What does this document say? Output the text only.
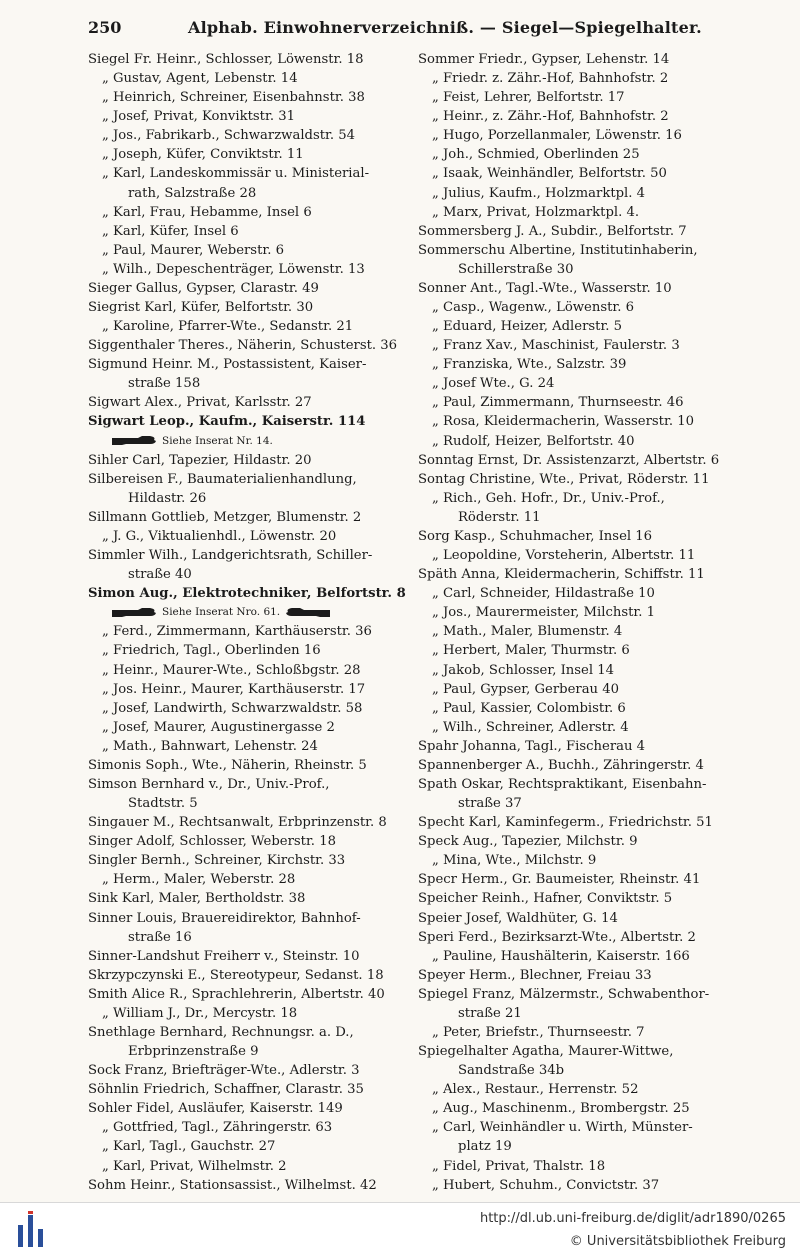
250	Alphab. Einwohnerverzeichniß. — Siegel—Spiegelhalter.
Siegel Fr. Heinr., Schlosser, Löwenstr. 18
„ Gustav, Agent, Lebenstr. 14
„ Heinrich, Schreiner, Eisenbahnstr. 38
„ Josef, Privat, Konviktstr. 31
„ Jos., Fabrikarb., Schwarzwaldstr. 54
„ Joseph, Küfer, Conviktstr. 11
„ Karl, Landeskommissär u. Ministerial-
rath, Salzstraße 28
„ Karl, Frau, Hebamme, Insel 6
„ Karl, Küfer, Insel 6
„ Paul, Maurer, Weberstr. 6
„ Wilh., Depeschenträger, Löwenstr. 13
Sieger Gallus, Gypser, Clarastr. 49
Siegrist Karl, Küfer, Belfortstr. 30
„ Karoline, Pfarrer-Wte., Sedanstr. 21
Siggenthaler Theres., Näherin, Schusterst. 36
Sigmund Heinr. M., Postassistent, Kaiser-
straße 158
Sigwart Alex., Privat, Karlsstr. 27
Sigwart Leop., Kaufm., Kaiserstr. 114
Siehe Inserat Nr. 14.
Sihler Carl, Tapezier, Hildastr. 20
Silbereisen F., Baumaterialienhandlung,
Hildastr. 26
Sillmann Gottlieb, Metzger, Blumenstr. 2
„ J. G., Viktualienhdl., Löwenstr. 20
Simmler Wilh., Landgerichtsrath, Schiller-
straße 40
Simon Aug., Elektrotechniker, Belfortstr. 8
Siehe Inserat Nro. 61.
„ Ferd., Zimmermann, Karthäuserstr. 36
„ Friedrich, Tagl., Oberlinden 16
„ Heinr., Maurer-Wte., Schloßbgstr. 28
„ Jos. Heinr., Maurer, Karthäuserstr. 17
„ Josef, Landwirth, Schwarzwaldstr. 58
„ Josef, Maurer, Augustinergasse 2
„ Math., Bahnwart, Lehenstr. 24
Simonis Soph., Wte., Näherin, Rheinstr. 5
Simson Bernhard v., Dr., Univ.-Prof.,
Stadtstr. 5
Singauer M., Rechtsanwalt, Erbprinzenstr. 8
Singer Adolf, Schlosser, Weberstr. 18
Singler Bernh., Schreiner, Kirchstr. 33
„ Herm., Maler, Weberstr. 28
Sink Karl, Maler, Bertholdstr. 38
Sinner Louis, Brauereidirektor, Bahnhof-
straße 16
Sinner-Landshut Freiherr v., Steinstr. 10
Skrzypczynski E., Stereotypeur, Sedanst. 18
Smith Alice R., Sprachlehrerin, Albertstr. 40
„ William J., Dr., Mercystr. 18
Snethlage Bernhard, Rechnungsr. a. D.,
Erbprinzenstraße 9
Sock Franz, Briefträger-Wte., Adlerstr. 3
Söhnlin Friedrich, Schaffner, Clarastr. 35
Sohler Fidel, Ausläufer, Kaiserstr. 149
„ Gottfried, Tagl., Zähringerstr. 63
„ Karl, Tagl., Gauchstr. 27
„ Karl, Privat, Wilhelmstr. 2
Sohm Heinr., Stationsassist., Wilhelmst. 42
Sommer Friedr., Gypser, Lehenstr. 14
„ Friedr. z. Zähr.-Hof, Bahnhofstr. 2
„ Feist, Lehrer, Belfortstr. 17
„ Heinr., z. Zähr.-Hof, Bahnhofstr. 2
„ Hugo, Porzellanmaler, Löwenstr. 16
„ Joh., Schmied, Oberlinden 25
„ Isaak, Weinhändler, Belfortstr. 50
„ Julius, Kaufm., Holzmarktpl. 4
„ Marx, Privat, Holzmarktpl. 4.
Sommersberg J. A., Subdir., Belfortstr. 7
Sommerschu Albertine, Institutinhaberin,
Schillerstraße 30
Sonner Ant., Tagl.-Wte., Wasserstr. 10
„ Casp., Wagenw., Löwenstr. 6
„ Eduard, Heizer, Adlerstr. 5
„ Franz Xav., Maschinist, Faulerstr. 3
„ Franziska, Wte., Salzstr. 39
„ Josef Wte., G. 24
„ Paul, Zimmermann, Thurnseestr. 46
„ Rosa, Kleidermacherin, Wasserstr. 10
„ Rudolf, Heizer, Belfortstr. 40
Sonntag Ernst, Dr. Assistenzarzt, Albertstr. 6
Sontag Christine, Wte., Privat, Röderstr. 11
„ Rich., Geh. Hofr., Dr., Univ.-Prof.,
Röderstr. 11
Sorg Kasp., Schuhmacher, Insel 16
„ Leopoldine, Vorsteherin, Albertstr. 11
Späth Anna, Kleidermacherin, Schiffstr. 11
„ Carl, Schneider, Hildastraße 10
„ Jos., Maurermeister, Milchstr. 1
„ Math., Maler, Blumenstr. 4
„ Herbert, Maler, Thurmstr. 6
„ Jakob, Schlosser, Insel 14
„ Paul, Gypser, Gerberau 40
„ Paul, Kassier, Colombistr. 6
„ Wilh., Schreiner, Adlerstr. 4
Spahr Johanna, Tagl., Fischerau 4
Spannenberger A., Buchh., Zähringerstr. 4
Spath Oskar, Rechtspraktikant, Eisenbahn-
straße 37
Specht Karl, Kaminfegerm., Friedrichstr. 51
Speck Aug., Tapezier, Milchstr. 9
„ Mina, Wte., Milchstr. 9
Specr Herm., Gr. Baumeister, Rheinstr. 41
Speicher Reinh., Hafner, Conviktstr. 5
Speier Josef, Waldhüter, G. 14
Speri Ferd., Bezirksarzt-Wte., Albertstr. 2
„ Pauline, Haushälterin, Kaiserstr. 166
Speyer Herm., Blechner, Freiau 33
Spiegel Franz, Mälzermstr., Schwabenthor-
straße 21
„ Peter, Briefstr., Thurnseestr. 7
Spiegelhalter Agatha, Maurer-Wittwe,
Sandstraße 34b
„ Alex., Restaur., Herrenstr. 52
„ Aug., Maschinenm., Brombergstr. 25
„ Carl, Weinhändler u. Wirth, Münster-
platz 19
„ Fidel, Privat, Thalstr. 18
„ Hubert, Schuhm., Convictstr. 37
http://dl.ub.uni-freiburg.de/diglit/adr1890/0265
© Universitätsbibliothek Freiburg
